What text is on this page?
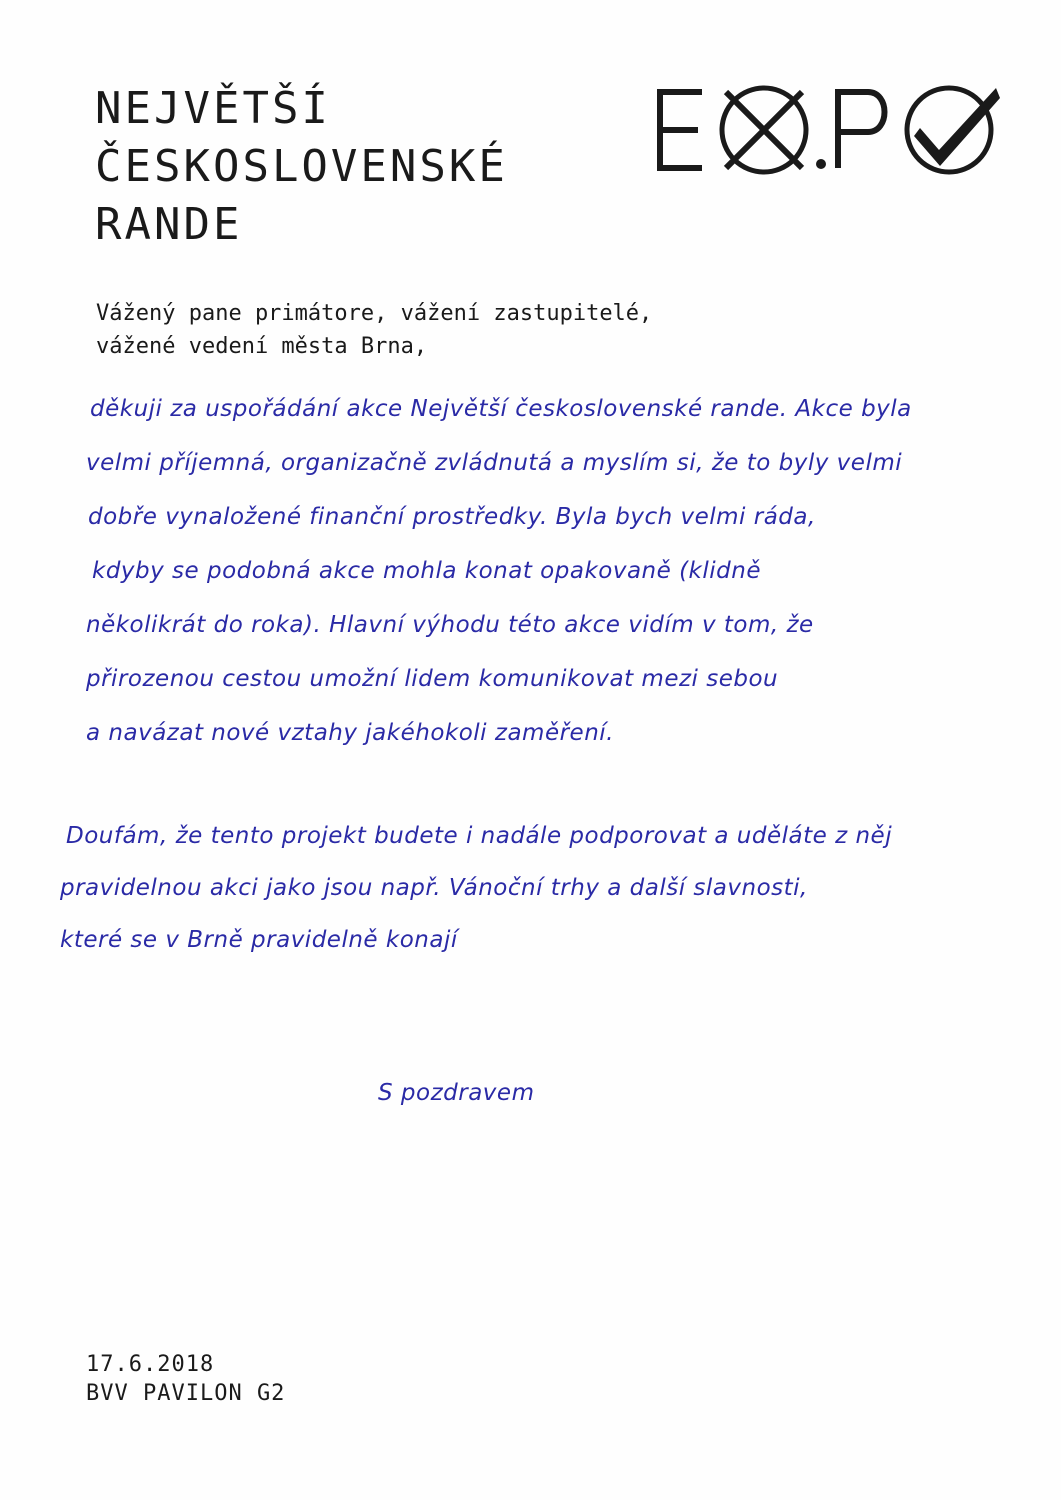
NEJVĚTŠÍ
ČESKOSLOVENSKÉ
RANDE
Vážený pane primátore, vážení zastupitelé,
vážené vedení města Brna,
děkuji za uspořádání akce Největší československé rande. Akce byla
velmi příjemná, organizačně zvládnutá a myslím si, že to byly velmi
dobře vynaložené finanční prostředky. Byla bych velmi ráda,
kdyby se podobná akce mohla konat opakovaně (klidně
několikrát do roka). Hlavní výhodu této akce vidím v tom, že
přirozenou cestou umožní lidem komunikovat mezi sebou
a navázat nové vztahy jakéhokoli zaměření.
Doufám, že tento projekt budete i nadále podporovat a uděláte z něj
pravidelnou akci jako jsou např. Vánoční trhy a další slavnosti,
které se v Brně pravidelně konají
S pozdravem
17.6.2018
BVV PAVILON G2
